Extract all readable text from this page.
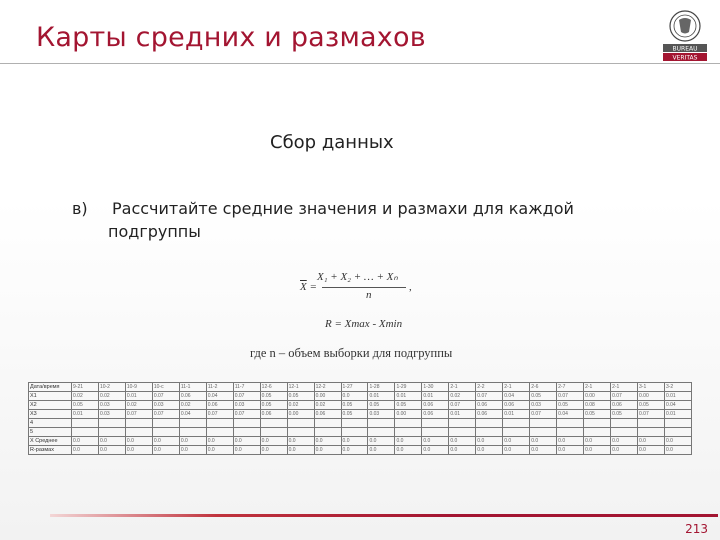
Карты средних и размахов	BUREAU
VERITAS
Сбор данных
в) Рассчитайте средние значения и размахи для каждой
подгруппы
$\overline{X}$ =
X₁ + X₂ + … + Xₙ
n
,
R = Xmax - Xmin
где n – объем выборки для подгруппы
Дата/время	9-21	10-2	10-9	10-c	11-1	11-2	11-7	12-6	12-1	12-2	1-27	1-28	1-29	1-30	2-1	2-2	2-1	2-6	2-7	2-1	2-1	3-1	3-2
X1	0.02	0.02	0.01	0.07	0.06	0.04	0.07	0.05	0.05	0.00	0.0	0.01	0.01	0.01	0.02	0.07	0.04	0.05	0.07	0.00	0.07	0.00	0.01
X2	0.05	0.03	0.02	0.03	0.02	0.06	0.03	0.05	0.02	0.02	0.05	0.05	0.05	0.06	0.07	0.06	0.06	0.03	0.05	0.08	0.06	0.05	0.04
X3	0.01	0.03	0.07	0.07	0.04	0.07	0.07	0.06	0.00	0.06	0.05	0.03	0.00	0.06	0.01	0.06	0.01	0.07	0.04	0.05	0.05	0.07	0.01
4																							
5																							
X Среднее	0.0	0.0	0.0	0.0	0.0	0.0	0.0	0.0	0.0	0.0	0.0	0.0	0.0	0.0	0.0	0.0	0.0	0.0	0.0	0.0	0.0	0.0	0.0
R-размах	0.0	0.0	0.0	0.0	0.0	0.0	0.0	0.0	0.0	0.0	0.0	0.0	0.0	0.0	0.0	0.0	0.0	0.0	0.0	0.0	0.0	0.0	0.0
213
